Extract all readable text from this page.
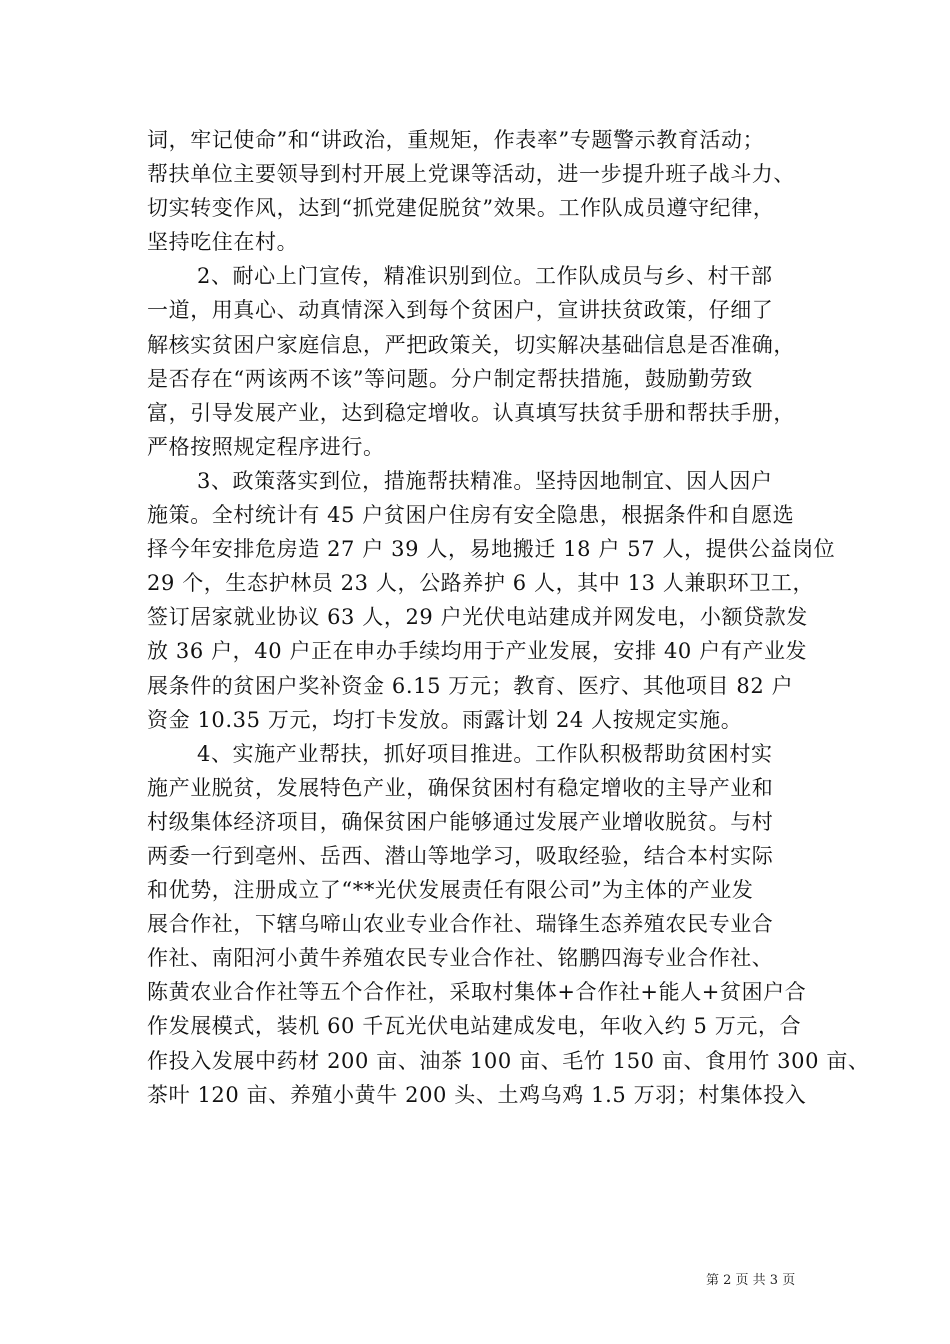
词，牢记使命”和“讲政治，重规矩，作表率”专题警示教育活动；
帮扶单位主要领导到村开展上党课等活动，进一步提升班子战斗力、
切实转变作风，达到“抓党建促脱贫”效果。工作队成员遵守纪律，
坚持吃住在村。
2、耐心上门宣传，精准识别到位。工作队成员与乡、村干部
一道，用真心、动真情深入到每个贫困户，宣讲扶贫政策，仔细了
解核实贫困户家庭信息，严把政策关，切实解决基础信息是否准确，
是否存在“两该两不该”等问题。分户制定帮扶措施，鼓励勤劳致
富，引导发展产业，达到稳定增收。认真填写扶贫手册和帮扶手册，
严格按照规定程序进行。
3、政策落实到位，措施帮扶精准。坚持因地制宜、因人因户
施策。全村统计有 45 户贫困户住房有安全隐患，根据条件和自愿选
择今年安排危房造 27 户 39 人，易地搬迁 18 户 57 人，提供公益岗位
29 个，生态护林员 23 人，公路养护 6 人，其中 13 人兼职环卫工，
签订居家就业协议 63 人，29 户光伏电站建成并网发电，小额贷款发
放 36 户，40 户正在申办手续均用于产业发展，安排 40 户有产业发
展条件的贫困户奖补资金 6.15 万元；教育、医疗、其他项目 82 户
资金 10.35 万元，均打卡发放。雨露计划 24 人按规定实施。
4、实施产业帮扶，抓好项目推进。工作队积极帮助贫困村实
施产业脱贫，发展特色产业，确保贫困村有稳定增收的主导产业和
村级集体经济项目，确保贫困户能够通过发展产业增收脱贫。与村
两委一行到亳州、岳西、潜山等地学习，吸取经验，结合本村实际
和优势，注册成立了“**光伏发展责任有限公司”为主体的产业发
展合作社，下辖乌啼山农业专业合作社、瑞锋生态养殖农民专业合
作社、南阳河小黄牛养殖农民专业合作社、铭鹏四海专业合作社、
陈黄农业合作社等五个合作社，采取村集体+合作社+能人+贫困户合
作发展模式，装机 60 千瓦光伏电站建成发电，年收入约 5 万元，合
作投入发展中药材 200 亩、油茶 100 亩、毛竹 150 亩、食用竹 300 亩、
茶叶 120 亩、养殖小黄牛 200 头、土鸡乌鸡 1.5 万羽；村集体投入
第 2 页 共 3 页
